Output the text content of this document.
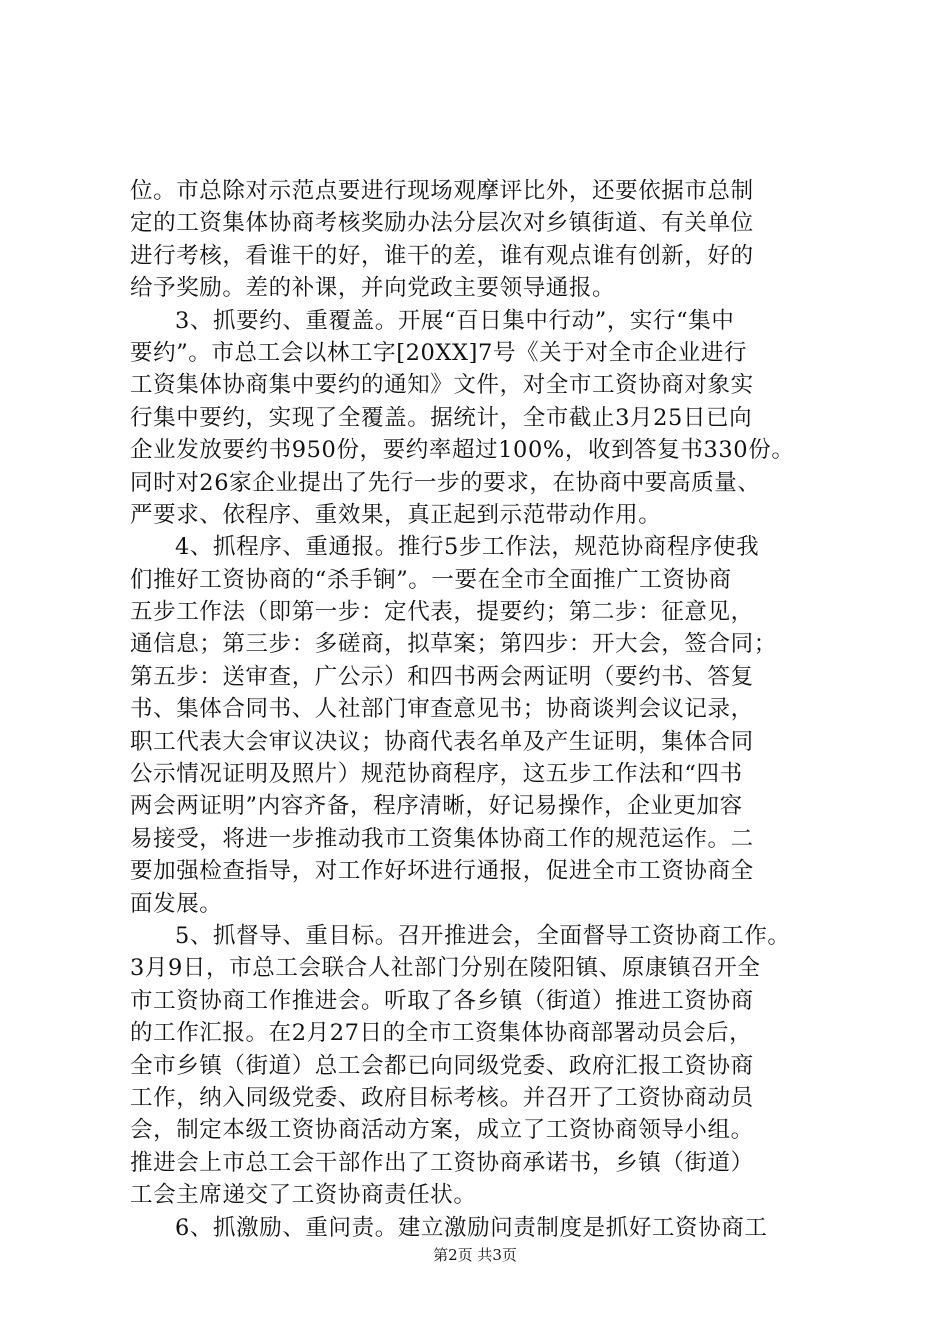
位。市总除对示范点要进行现场观摩评比外，还要依据市总制
定的工资集体协商考核奖励办法分层次对乡镇街道、有关单位
进行考核，看谁干的好，谁干的差，谁有观点谁有创新，好的
给予奖励。差的补课，并向党政主要领导通报。
3、抓要约、重覆盖。开展“百日集中行动”，实行“集中
要约”。市总工会以林工字[20XX]7号《关于对全市企业进行
工资集体协商集中要约的通知》文件，对全市工资协商对象实
行集中要约，实现了全覆盖。据统计，全市截止3月25日已向
企业发放要约书950份，要约率超过100%，收到答复书330份。
同时对26家企业提出了先行一步的要求，在协商中要高质量、
严要求、依程序、重效果，真正起到示范带动作用。
4、抓程序、重通报。推行5步工作法，规范协商程序使我
们推好工资协商的“杀手锏”。一要在全市全面推广工资协商
五步工作法（即第一步：定代表，提要约；第二步：征意见，
通信息；第三步：多磋商，拟草案；第四步：开大会，签合同；
第五步：送审查，广公示）和四书两会两证明（要约书、答复
书、集体合同书、人社部门审查意见书；协商谈判会议记录，
职工代表大会审议决议；协商代表名单及产生证明，集体合同
公示情况证明及照片）规范协商程序，这五步工作法和“四书
两会两证明”内容齐备，程序清晰，好记易操作，企业更加容
易接受，将进一步推动我市工资集体协商工作的规范运作。二
要加强检查指导，对工作好坏进行通报，促进全市工资协商全
面发展。
5、抓督导、重目标。召开推进会，全面督导工资协商工作。
3月9日，市总工会联合人社部门分别在陵阳镇、原康镇召开全
市工资协商工作推进会。听取了各乡镇（街道）推进工资协商
的工作汇报。在2月27日的全市工资集体协商部署动员会后，
全市乡镇（街道）总工会都已向同级党委、政府汇报工资协商
工作，纳入同级党委、政府目标考核。并召开了工资协商动员
会，制定本级工资协商活动方案，成立了工资协商领导小组。
推进会上市总工会干部作出了工资协商承诺书，乡镇（街道）
工会主席递交了工资协商责任状。
6、抓激励、重问责。建立激励问责制度是抓好工资协商工
第2页 共3页
